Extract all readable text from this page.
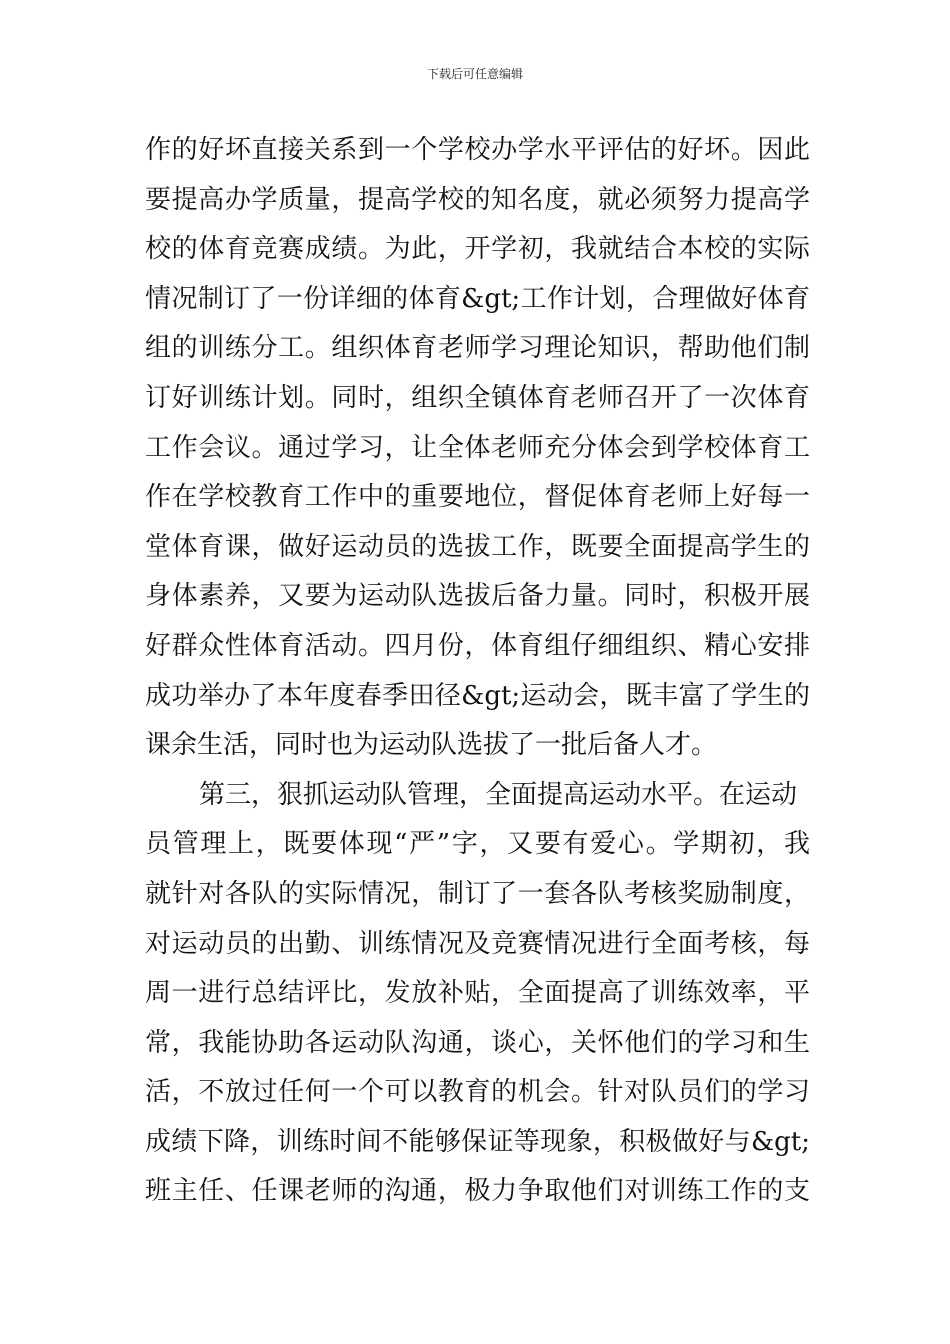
下载后可任意编辑
作的好坏直接关系到一个学校办学水平评估的好坏。因此
要提高办学质量，提高学校的知名度，就必须努力提高学
校的体育竞赛成绩。为此，开学初，我就结合本校的实际
情况制订了一份详细的体育&gt;工作计划，合理做好体育
组的训练分工。组织体育老师学习理论知识，帮助他们制
订好训练计划。同时，组织全镇体育老师召开了一次体育
工作会议。通过学习，让全体老师充分体会到学校体育工
作在学校教育工作中的重要地位，督促体育老师上好每一
堂体育课，做好运动员的选拔工作，既要全面提高学生的
身体素养，又要为运动队选拔后备力量。同时，积极开展
好群众性体育活动。四月份，体育组仔细组织、精心安排
成功举办了本年度春季田径&gt;运动会，既丰富了学生的
课余生活，同时也为运动队选拔了一批后备人才。
第三，狠抓运动队管理，全面提高运动水平。在运动
员管理上，既要体现“严”字，又要有爱心。学期初，我
就针对各队的实际情况，制订了一套各队考核奖励制度，
对运动员的出勤、训练情况及竞赛情况进行全面考核，每
周一进行总结评比，发放补贴，全面提高了训练效率，平
常，我能协助各运动队沟通，谈心，关怀他们的学习和生
活，不放过任何一个可以教育的机会。针对队员们的学习
成绩下降，训练时间不能够保证等现象，积极做好与&gt;
班主任、任课老师的沟通，极力争取他们对训练工作的支
